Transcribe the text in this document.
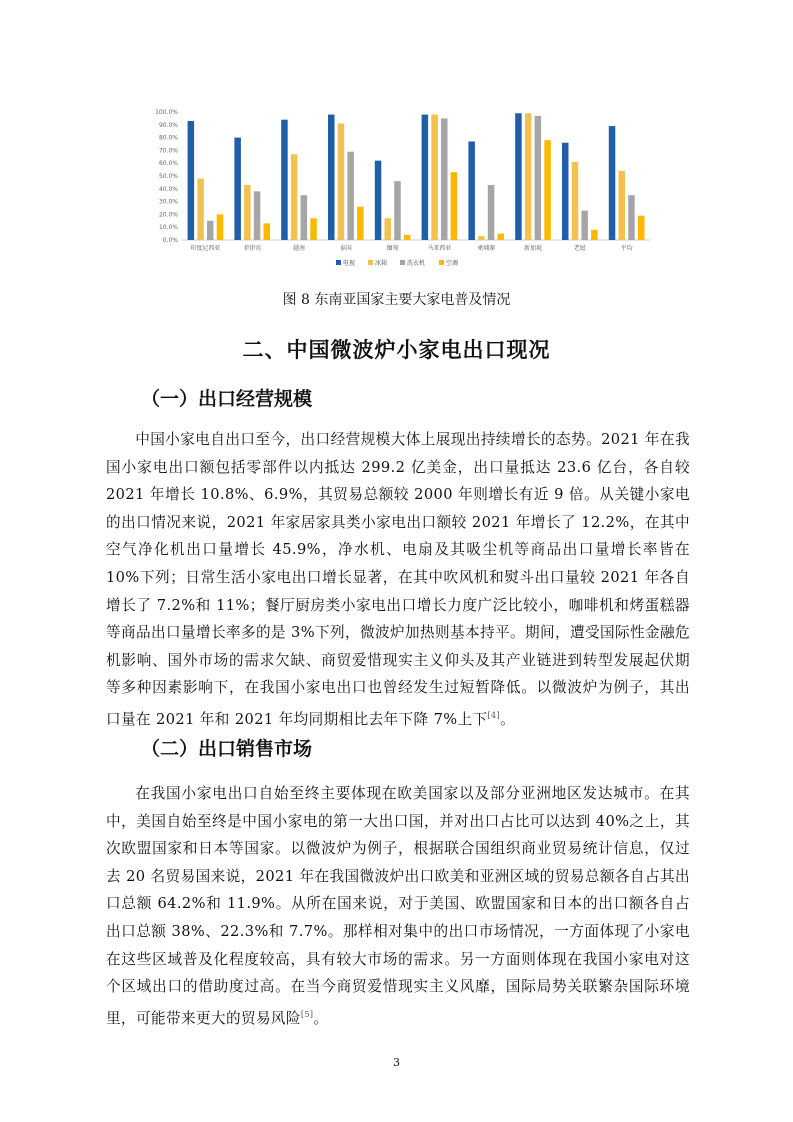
0.0%
10.0%
20.0%
30.0%
40.0%
50.0%
60.0%
70.0%
80.0%
90.0%
100.0%
印度尼西亚	菲律宾	越南	泰国	缅甸	马来西亚	柬埔寨	新加坡	老挝	平均
电视	冰箱	洗衣机	空调
图 8 东南亚国家主要大家电普及情况
二、中国微波炉小家电出口现况
（一）出口经营规模

中国小家电自出口至今，出口经营规模大体上展现出持续增长的态势。2021 年在我国小家电出口额包括零部件以内抵达 299.2 亿美金，出口量抵达 23.6 亿台，各自较 2021 年增长 10.8%、6.9%，其贸易总额较 2000 年则增长有近 9 倍。从关键小家电的出口情况来说，2021 年家居家具类小家电出口额较 2021 年增长了 12.2%，在其中空气净化机出口量增长 45.9%，净水机、电扇及其吸尘机等商品出口量增长率皆在 10%下列；日常生活小家电出口增长显著，在其中吹风机和熨斗出口量较 2021 年各自增长了 7.2%和 11%；餐厅厨房类小家电出口增长力度广泛比较小，咖啡机和烤蛋糕器等商品出口量增长率多的是 3%下列，微波炉加热则基本持平。期间，遭受国际性金融危机影响、国外市场的需求欠缺、商贸爱惜现实主义仰头及其产业链进到转型发展起伏期等多种因素影响下，在我国小家电出口也曾经发生过短暂降低。以微波炉为例子，其出口量在 2021 年和 2021 年均同期相比去年下降 7%上下[4]。

（二）出口销售市场

在我国小家电出口自始至终主要体现在欧美国家以及部分亚洲地区发达城市。在其中，美国自始至终是中国小家电的第一大出口国，并对出口占比可以达到 40%之上，其次欧盟国家和日本等国家。以微波炉为例子，根据联合国组织商业贸易统计信息，仅过去 20 名贸易国来说，2021 年在我国微波炉出口欧美和亚洲区域的贸易总额各自占其出口总额 64.2%和 11.9%。从所在国来说，对于美国、欧盟国家和日本的出口额各自占出口总额 38%、22.3%和 7.7%。那样相对集中的出口市场情况，一方面体现了小家电在这些区域普及化程度较高，具有较大市场的需求。另一方面则体现在我国小家电对这个区域出口的借助度过高。在当今商贸爱惜现实主义风靡，国际局势关联繁杂国际环境里，可能带来更大的贸易风险[5]。

3
